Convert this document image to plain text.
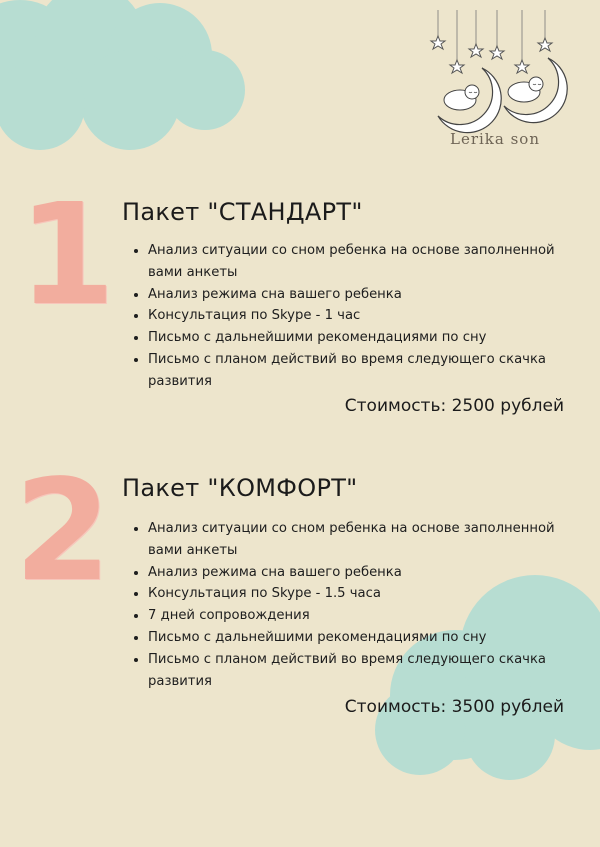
Lerika son
1 Пакет "СТАНДАРТ"
• Анализ ситуации со сном ребенка на основе заполненной вами анкеты
• Анализ режима сна вашего ребенка
• Консультация по Skype - 1 час
• Письмо с дальнейшими рекомендациями по сну
• Письмо с планом действий во время следующего скачка развития
Стоимость: 2500 рублей
2 Пакет "КОМФОРТ"
• Анализ ситуации со сном ребенка на основе заполненной вами анкеты
• Анализ режима сна вашего ребенка
• Консультация по Skype - 1.5 часа
• 7 дней сопровождения
• Письмо с дальнейшими рекомендациями по сну
• Письмо с планом действий во время следующего скачка развития
Стоимость: 3500 рублей
